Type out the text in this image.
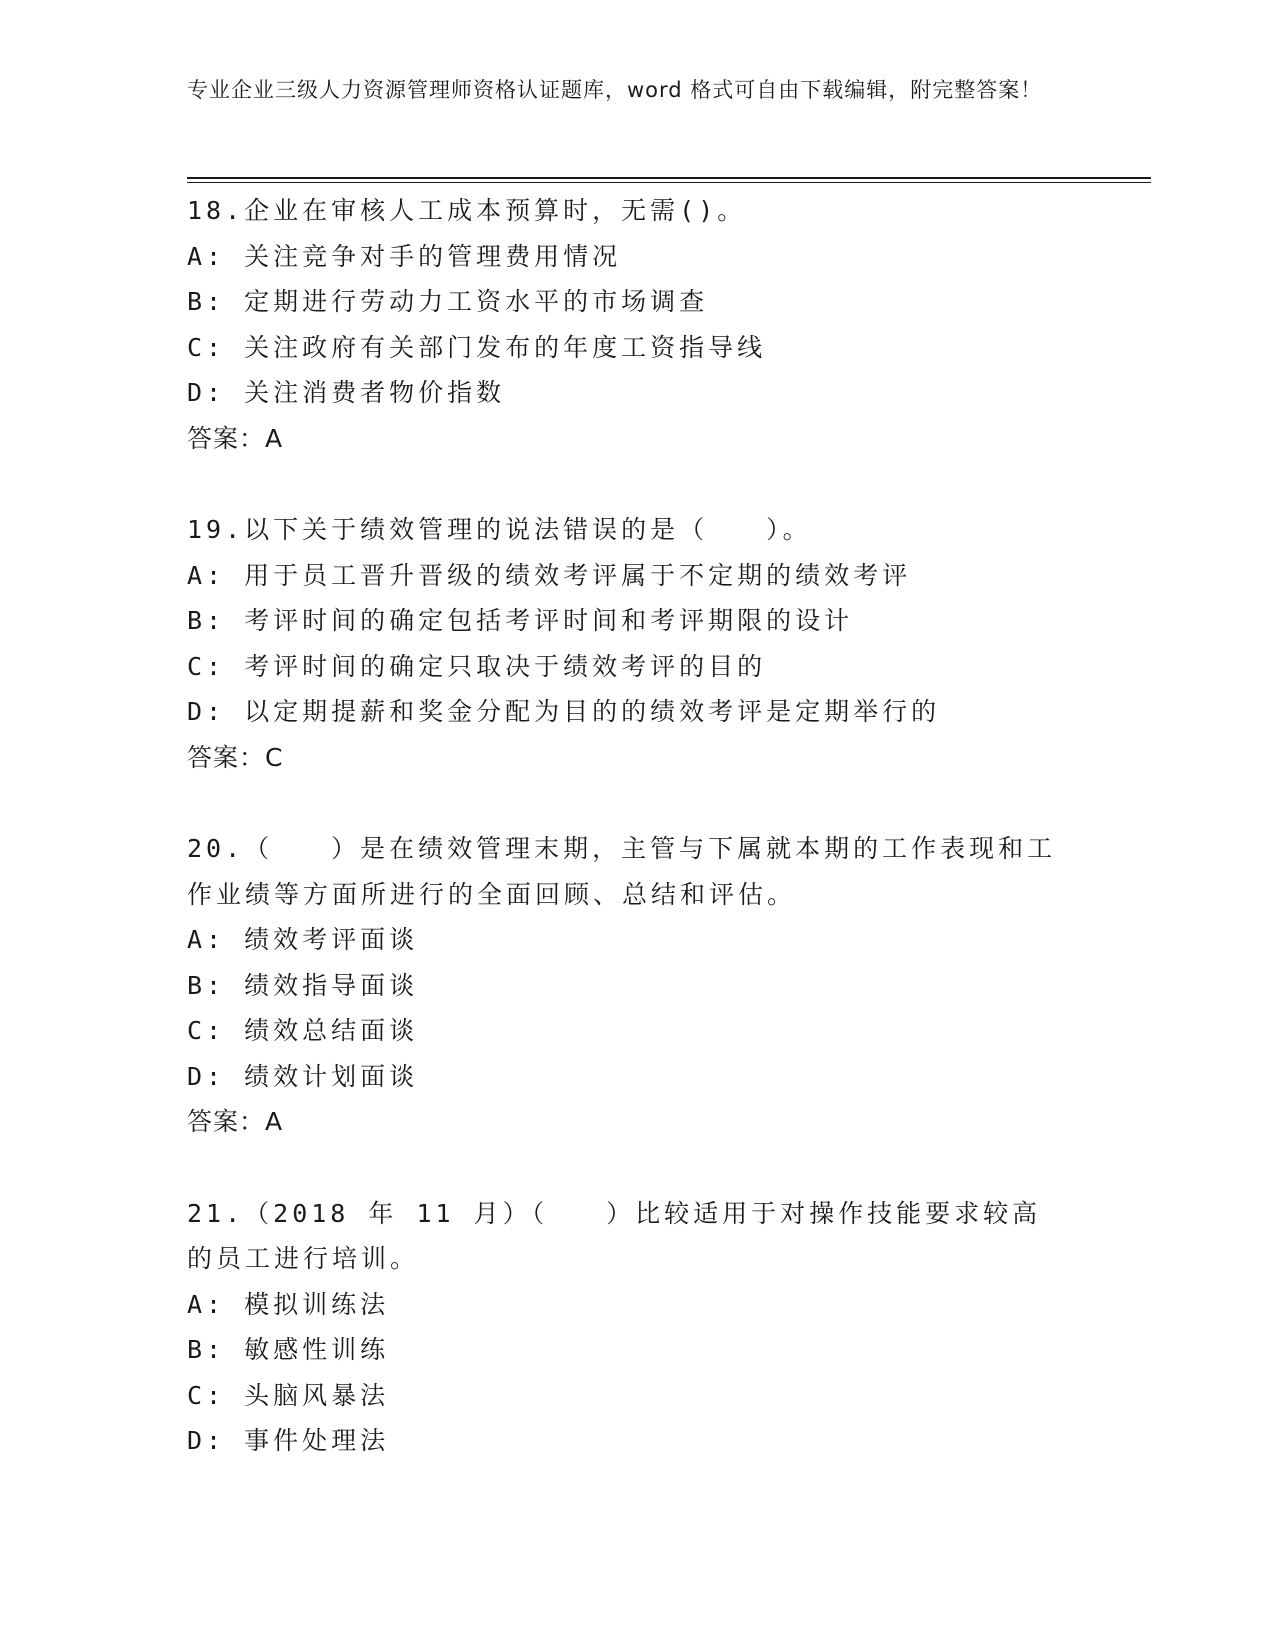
专业企业三级人力资源管理师资格认证题库，word 格式可自由下载编辑，附完整答案！
18.企业在审核人工成本预算时，无需()。
A: 关注竞争对手的管理费用情况
B: 定期进行劳动力工资水平的市场调查
C: 关注政府有关部门发布的年度工资指导线
D: 关注消费者物价指数
答案：A
19.以下关于绩效管理的说法错误的是（　　）。
A: 用于员工晋升晋级的绩效考评属于不定期的绩效考评
B: 考评时间的确定包括考评时间和考评期限的设计
C: 考评时间的确定只取决于绩效考评的目的
D: 以定期提薪和奖金分配为目的的绩效考评是定期举行的
答案：C
20.（　　）是在绩效管理末期，主管与下属就本期的工作表现和工作业绩等方面所进行的全面回顾、总结和评估。
A: 绩效考评面谈
B: 绩效指导面谈
C: 绩效总结面谈
D: 绩效计划面谈
答案：A
21.（2018 年 11 月）（　　）比较适用于对操作技能要求较高的员工进行培训。
A: 模拟训练法
B: 敏感性训练
C: 头脑风暴法
D: 事件处理法
